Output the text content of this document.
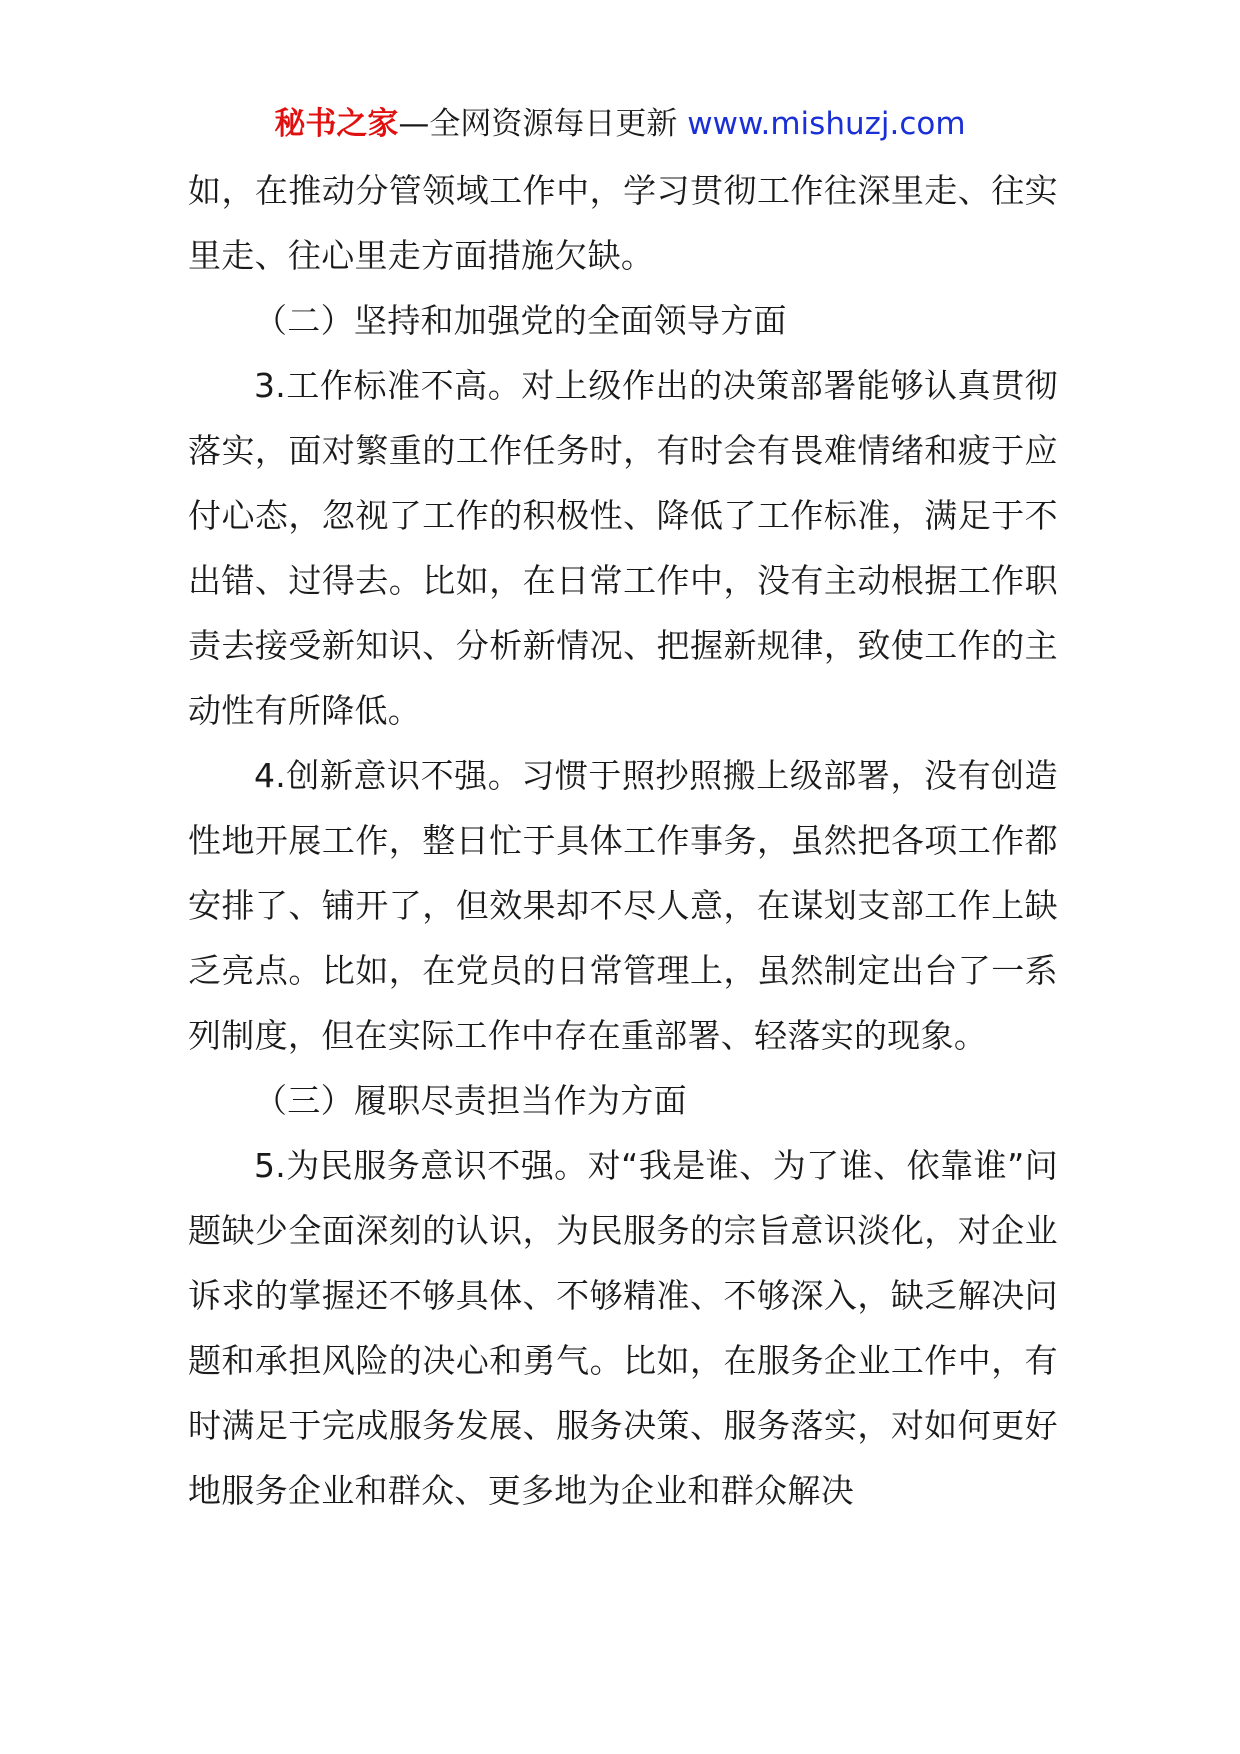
秘书之家—全网资源每日更新 www.mishuzj.com

如，在推动分管领域工作中，学习贯彻工作往深里走、往实里走、往心里走方面措施欠缺。

（二）坚持和加强党的全面领导方面

3.工作标准不高。对上级作出的决策部署能够认真贯彻落实，面对繁重的工作任务时，有时会有畏难情绪和疲于应付心态，忽视了工作的积极性、降低了工作标准，满足于不出错、过得去。比如，在日常工作中，没有主动根据工作职责去接受新知识、分析新情况、把握新规律，致使工作的主动性有所降低。

4.创新意识不强。习惯于照抄照搬上级部署，没有创造性地开展工作，整日忙于具体工作事务，虽然把各项工作都安排了、铺开了，但效果却不尽人意，在谋划支部工作上缺乏亮点。比如，在党员的日常管理上，虽然制定出台了一系列制度，但在实际工作中存在重部署、轻落实的现象。

（三）履职尽责担当作为方面

5.为民服务意识不强。对“我是谁、为了谁、依靠谁”问题缺少全面深刻的认识，为民服务的宗旨意识淡化，对企业诉求的掌握还不够具体、不够精准、不够深入，缺乏解决问题和承担风险的决心和勇气。比如，在服务企业工作中，有时满足于完成服务发展、服务决策、服务落实，对如何更好地服务企业和群众、更多地为企业和群众解决
